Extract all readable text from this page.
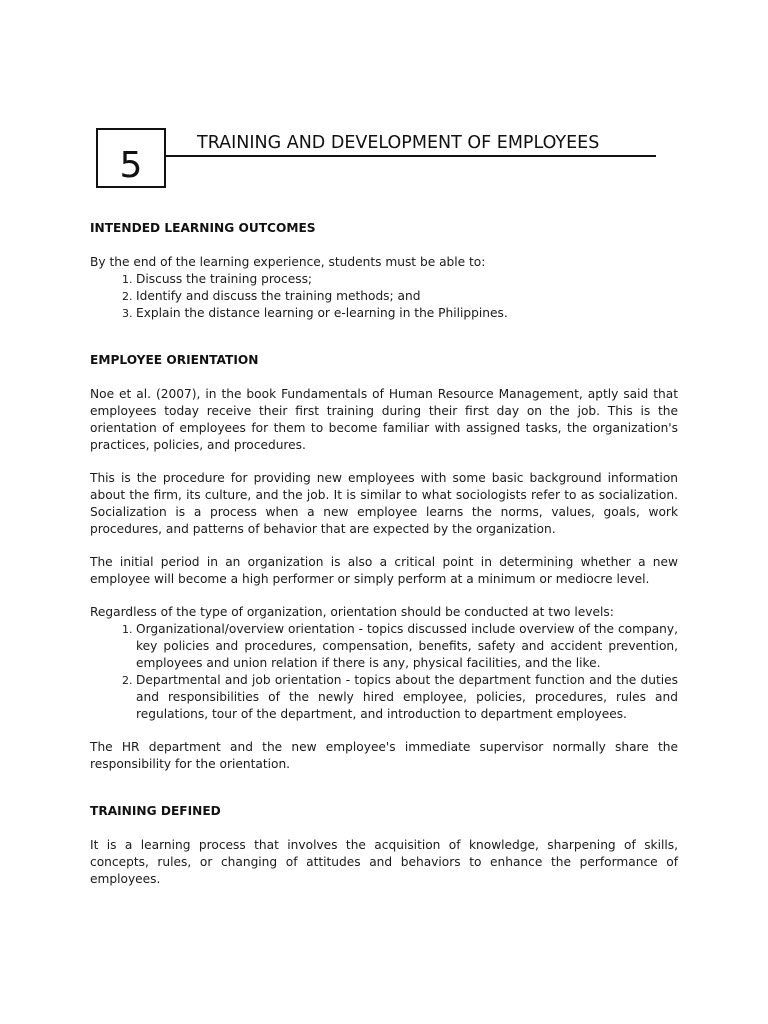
5
TRAINING AND DEVELOPMENT OF EMPLOYEES
INTENDED LEARNING OUTCOMES

By the end of the learning experience, students must be able to:

1. Discuss the training process;
2. Identify and discuss the training methods; and
3. Explain the distance learning or e-learning in the Philippines.
EMPLOYEE ORIENTATION

Noe et al. (2007), in the book Fundamentals of Human Resource Management, aptly said that employees today receive their first training during their first day on the job. This is the orientation of employees for them to become familiar with assigned tasks, the organization's practices, policies, and procedures.

This is the procedure for providing new employees with some basic background information about the firm, its culture, and the job. It is similar to what sociologists refer to as socialization. Socialization is a process when a new employee learns the norms, values, goals, work procedures, and patterns of behavior that are expected by the organization.

The initial period in an organization is also a critical point in determining whether a new employee will become a high performer or simply perform at a minimum or mediocre level.

Regardless of the type of organization, orientation should be conducted at two levels:

1. Organizational/overview orientation - topics discussed include overview of the company, key policies and procedures, compensation, benefits, safety and accident prevention, employees and union relation if there is any, physical facilities, and the like.
2. Departmental and job orientation - topics about the department function and the duties and responsibilities of the newly hired employee, policies, procedures, rules and regulations, tour of the department, and introduction to department employees.

The HR department and the new employee's immediate supervisor normally share the responsibility for the orientation.

TRAINING DEFINED

It is a learning process that involves the acquisition of knowledge, sharpening of skills, concepts, rules, or changing of attitudes and behaviors to enhance the performance of employees.
